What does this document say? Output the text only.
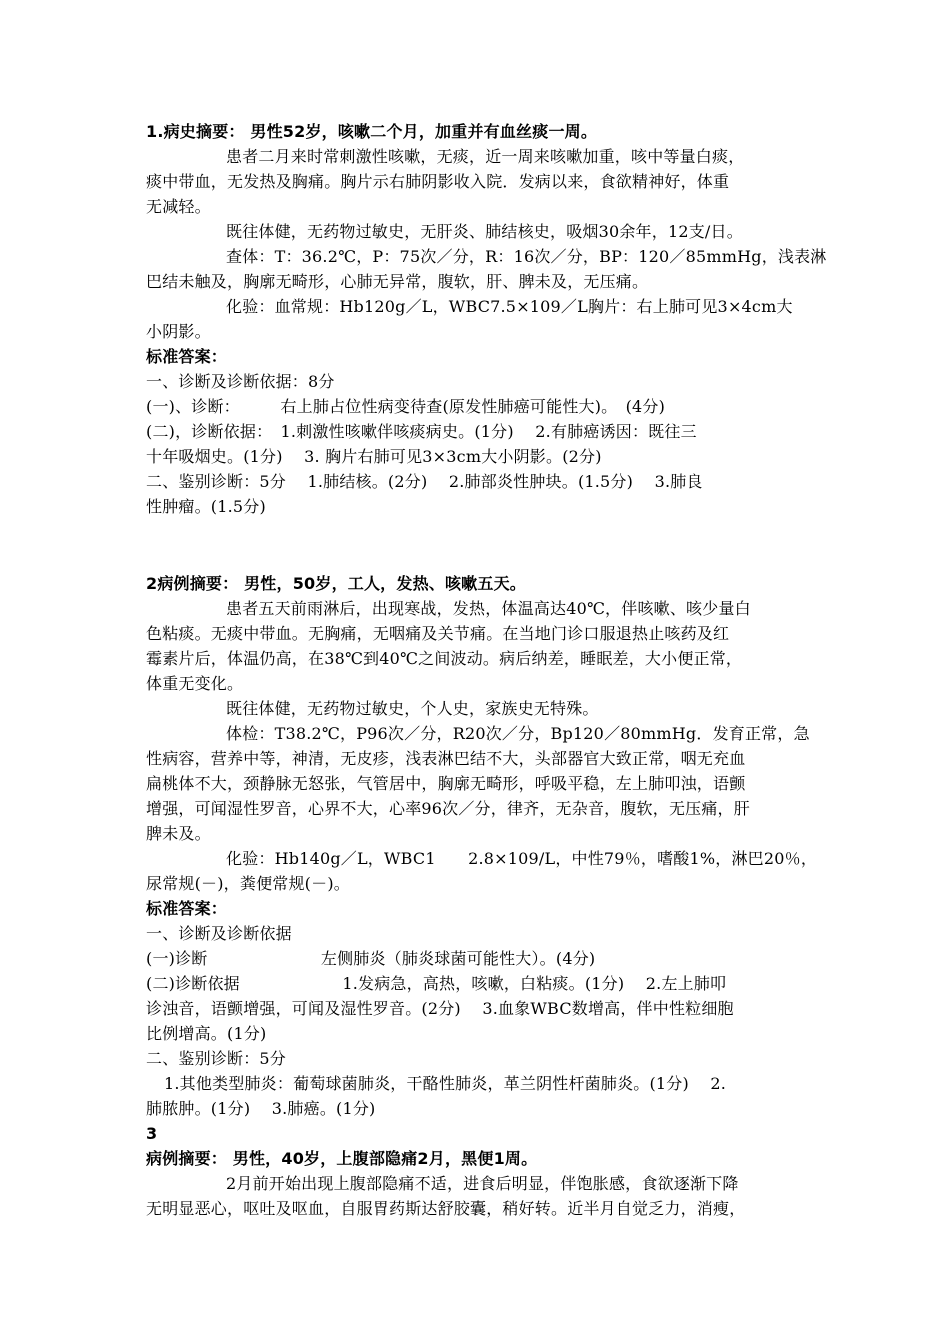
1.病史摘要： 男性52岁，咳嗽二个月，加重并有血丝痰一周。
患者二月来时常刺激性咳嗽，无痰，近一周来咳嗽加重，咳中等量白痰，
痰中带血，无发热及胸痛。胸片示右肺阴影收入院．发病以来，食欲精神好，体重
无减轻。
既往体健，无药物过敏史，无肝炎、肺结核史，吸烟30余年，12支/日。
查体：T：36.2℃，P：75次／分，R：16次／分，BP：120／85mmHg，浅表淋
巴结未触及，胸廓无畸形，心肺无异常，腹软，肝、脾未及，无压痛。
化验：血常规：Hb120g／L，WBC7.5×109／L胸片：右上肺可见3×4cm大
小阴影。
标准答案：
一、诊断及诊断依据：8分
(一)、诊断：　　　右上肺占位性病变待查(原发性肺癌可能性大)。　(4分)
(二)，诊断依据：　1.刺激性咳嗽伴咳痰病史。(1分)　 2.有肺癌诱因：既往三
十年吸烟史。(1分)　 3. 胸片右肺可见3×3cm大小阴影。(2分)
二、鉴别诊断：5分　 1.肺结核。(2分)　 2.肺部炎性肿块。(1.5分)　 3.肺良
性肿瘤。(1.5分)
2病例摘要： 男性，50岁，工人，发热、咳嗽五天。
患者五天前雨淋后，出现寒战，发热，体温高达40℃，伴咳嗽、咳少量白
色粘痰。无痰中带血。无胸痛，无咽痛及关节痛。在当地门诊口服退热止咳药及红
霉素片后，体温仍高，在38℃到40℃之间波动。病后纳差，睡眠差，大小便正常，
体重无变化。
既往体健，无药物过敏史，个人史，家族史无特殊。
体检：T38.2℃，P96次／分，R20次／分，Bp120／80mmHg．发育正常，急
性病容，营养中等，神清，无皮疹，浅表淋巴结不大，头部器官大致正常，咽无充血
扁桃体不大，颈静脉无怒张，气管居中，胸廓无畸形，呼吸平稳，左上肺叩浊，语颤
增强，可闻湿性罗音，心界不大，心率96次／分，律齐，无杂音，腹软，无压痛，肝
脾未及。
化验：Hb140g／L，WBC1　　2.8×109/L，中性79％，嗜酸1%，淋巴20％，
尿常规(－)，粪便常规(－)。
标准答案：
一、诊断及诊断依据
(一)诊断　　　　　　　左侧肺炎（肺炎球菌可能性大）。(4分)
(二)诊断依据　　　　　　 1.发病急，高热，咳嗽，白粘痰。(1分)　 2.左上肺叩
诊浊音，语颤增强，可闻及湿性罗音。(2分)　 3.血象WBC数增高，伴中性粒细胞
比例增高。(1分)
二、鉴别诊断：5分
1.其他类型肺炎：葡萄球菌肺炎，干酪性肺炎，革兰阴性杆菌肺炎。(1分)　 2.
肺脓肿。(1分)　 3.肺癌。(1分)
3
病例摘要： 男性，40岁，上腹部隐痛2月，黑便1周。
2月前开始出现上腹部隐痛不适，进食后明显，伴饱胀感，食欲逐渐下降
无明显恶心，呕吐及呕血，自服胃药斯达舒胶囊，稍好转。近半月自觉乏力，消瘦，
